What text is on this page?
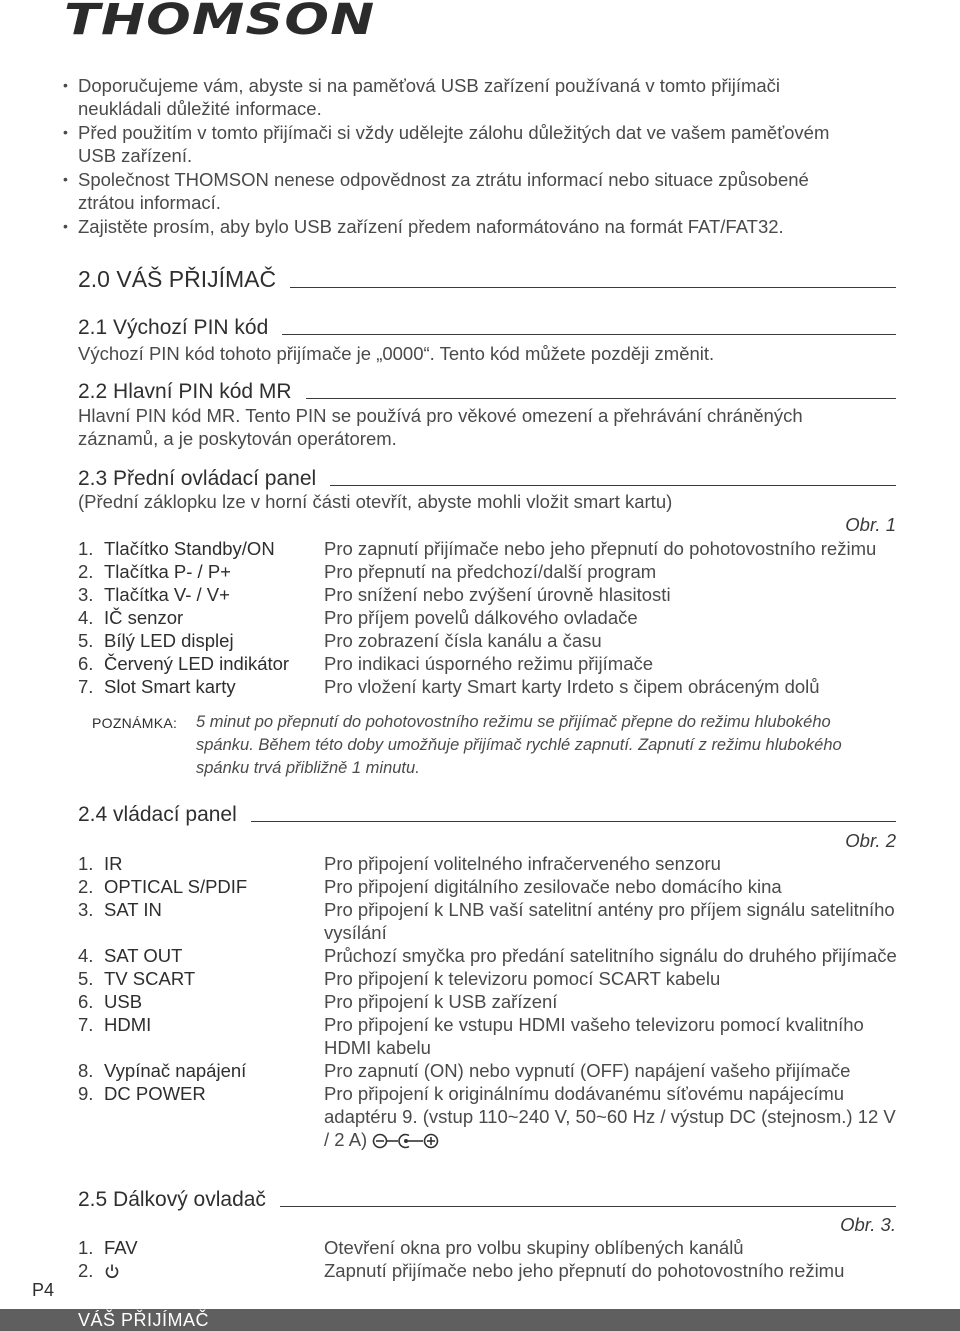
THOMSON
• Doporučujeme vám, abyste si na paměťová USB zařízení používaná v tomto přijímači neukládali důležité informace.
• Před použitím v tomto přijímači si vždy udělejte zálohu důležitých dat ve vašem paměťovém USB zařízení.
• Společnost THOMSON nenese odpovědnost za ztrátu informací nebo situace způsobené ztrátou informací.
• Zajistěte prosím, aby bylo USB zařízení předem naformátováno na formát FAT/FAT32.
2.0 VÁŠ PŘIJÍMAČ
2.1 Výchozí PIN kód
Výchozí PIN kód tohoto přijímače je „0000“. Tento kód můžete později změnit.
2.2 Hlavní PIN kód MR
Hlavní PIN kód MR. Tento PIN se používá pro věkové omezení a přehrávání chráněných záznamů, a je poskytován operátorem.
2.3 Přední ovládací panel
(Přední záklopku lze v horní části otevřít, abyste mohli vložit smart kartu)
Obr. 1
1. Tlačítko Standby/ON	Pro zapnutí přijímače nebo jeho přepnutí do pohotovostního režimu
2. Tlačítka P- / P+	Pro přepnutí na předchozí/další program
3. Tlačítka V- / V+	Pro snížení nebo zvýšení úrovně hlasitosti
4. IČ senzor	Pro příjem povelů dálkového ovladače
5. Bílý LED displej	Pro zobrazení čísla kanálu a času
6. Červený LED indikátor	Pro indikaci úsporného režimu přijímače
7. Slot Smart karty	Pro vložení karty Smart karty Irdeto s čipem obráceným dolů
POZNÁMKA:	5 minut po přepnutí do pohotovostního režimu se přijímač přepne do režimu hlubokého spánku. Během této doby umožňuje přijímač rychlé zapnutí. Zapnutí z režimu hlubokého spánku trvá přibližně 1 minutu.
2.4 vládací panel
Obr. 2
1. IR	Pro připojení volitelného infračerveného senzoru
2. OPTICAL S/PDIF	Pro připojení digitálního zesilovače nebo domácího kina
3. SAT IN	Pro připojení k LNB vaší satelitní antény pro příjem signálu satelitního vysílání
4. SAT OUT	Průchozí smyčka pro předání satelitního signálu do druhého přijímače
5. TV SCART	Pro připojení k televizoru pomocí SCART kabelu
6. USB	Pro připojení k USB zařízení
7. HDMI	Pro připojení ke vstupu HDMI vašeho televizoru pomocí kvalitního HDMI kabelu
8. Vypínač napájení	Pro zapnutí (ON) nebo vypnutí (OFF) napájení vašeho přijímače
9. DC POWER	Pro připojení k originálnímu dodávanému síťovému napájecímu adaptéru 9. (vstup 110~240 V, 50~60 Hz / výstup DC (stejnosm.) 12 V / 2 A)
2.5 Dálkový ovladač
Obr. 3.
1. FAV	Otevření okna pro volbu skupiny oblíbených kanálů
2.	Zapnutí přijímače nebo jeho přepnutí do pohotovostního režimu
P4
VÁŠ PŘIJÍMAČ
